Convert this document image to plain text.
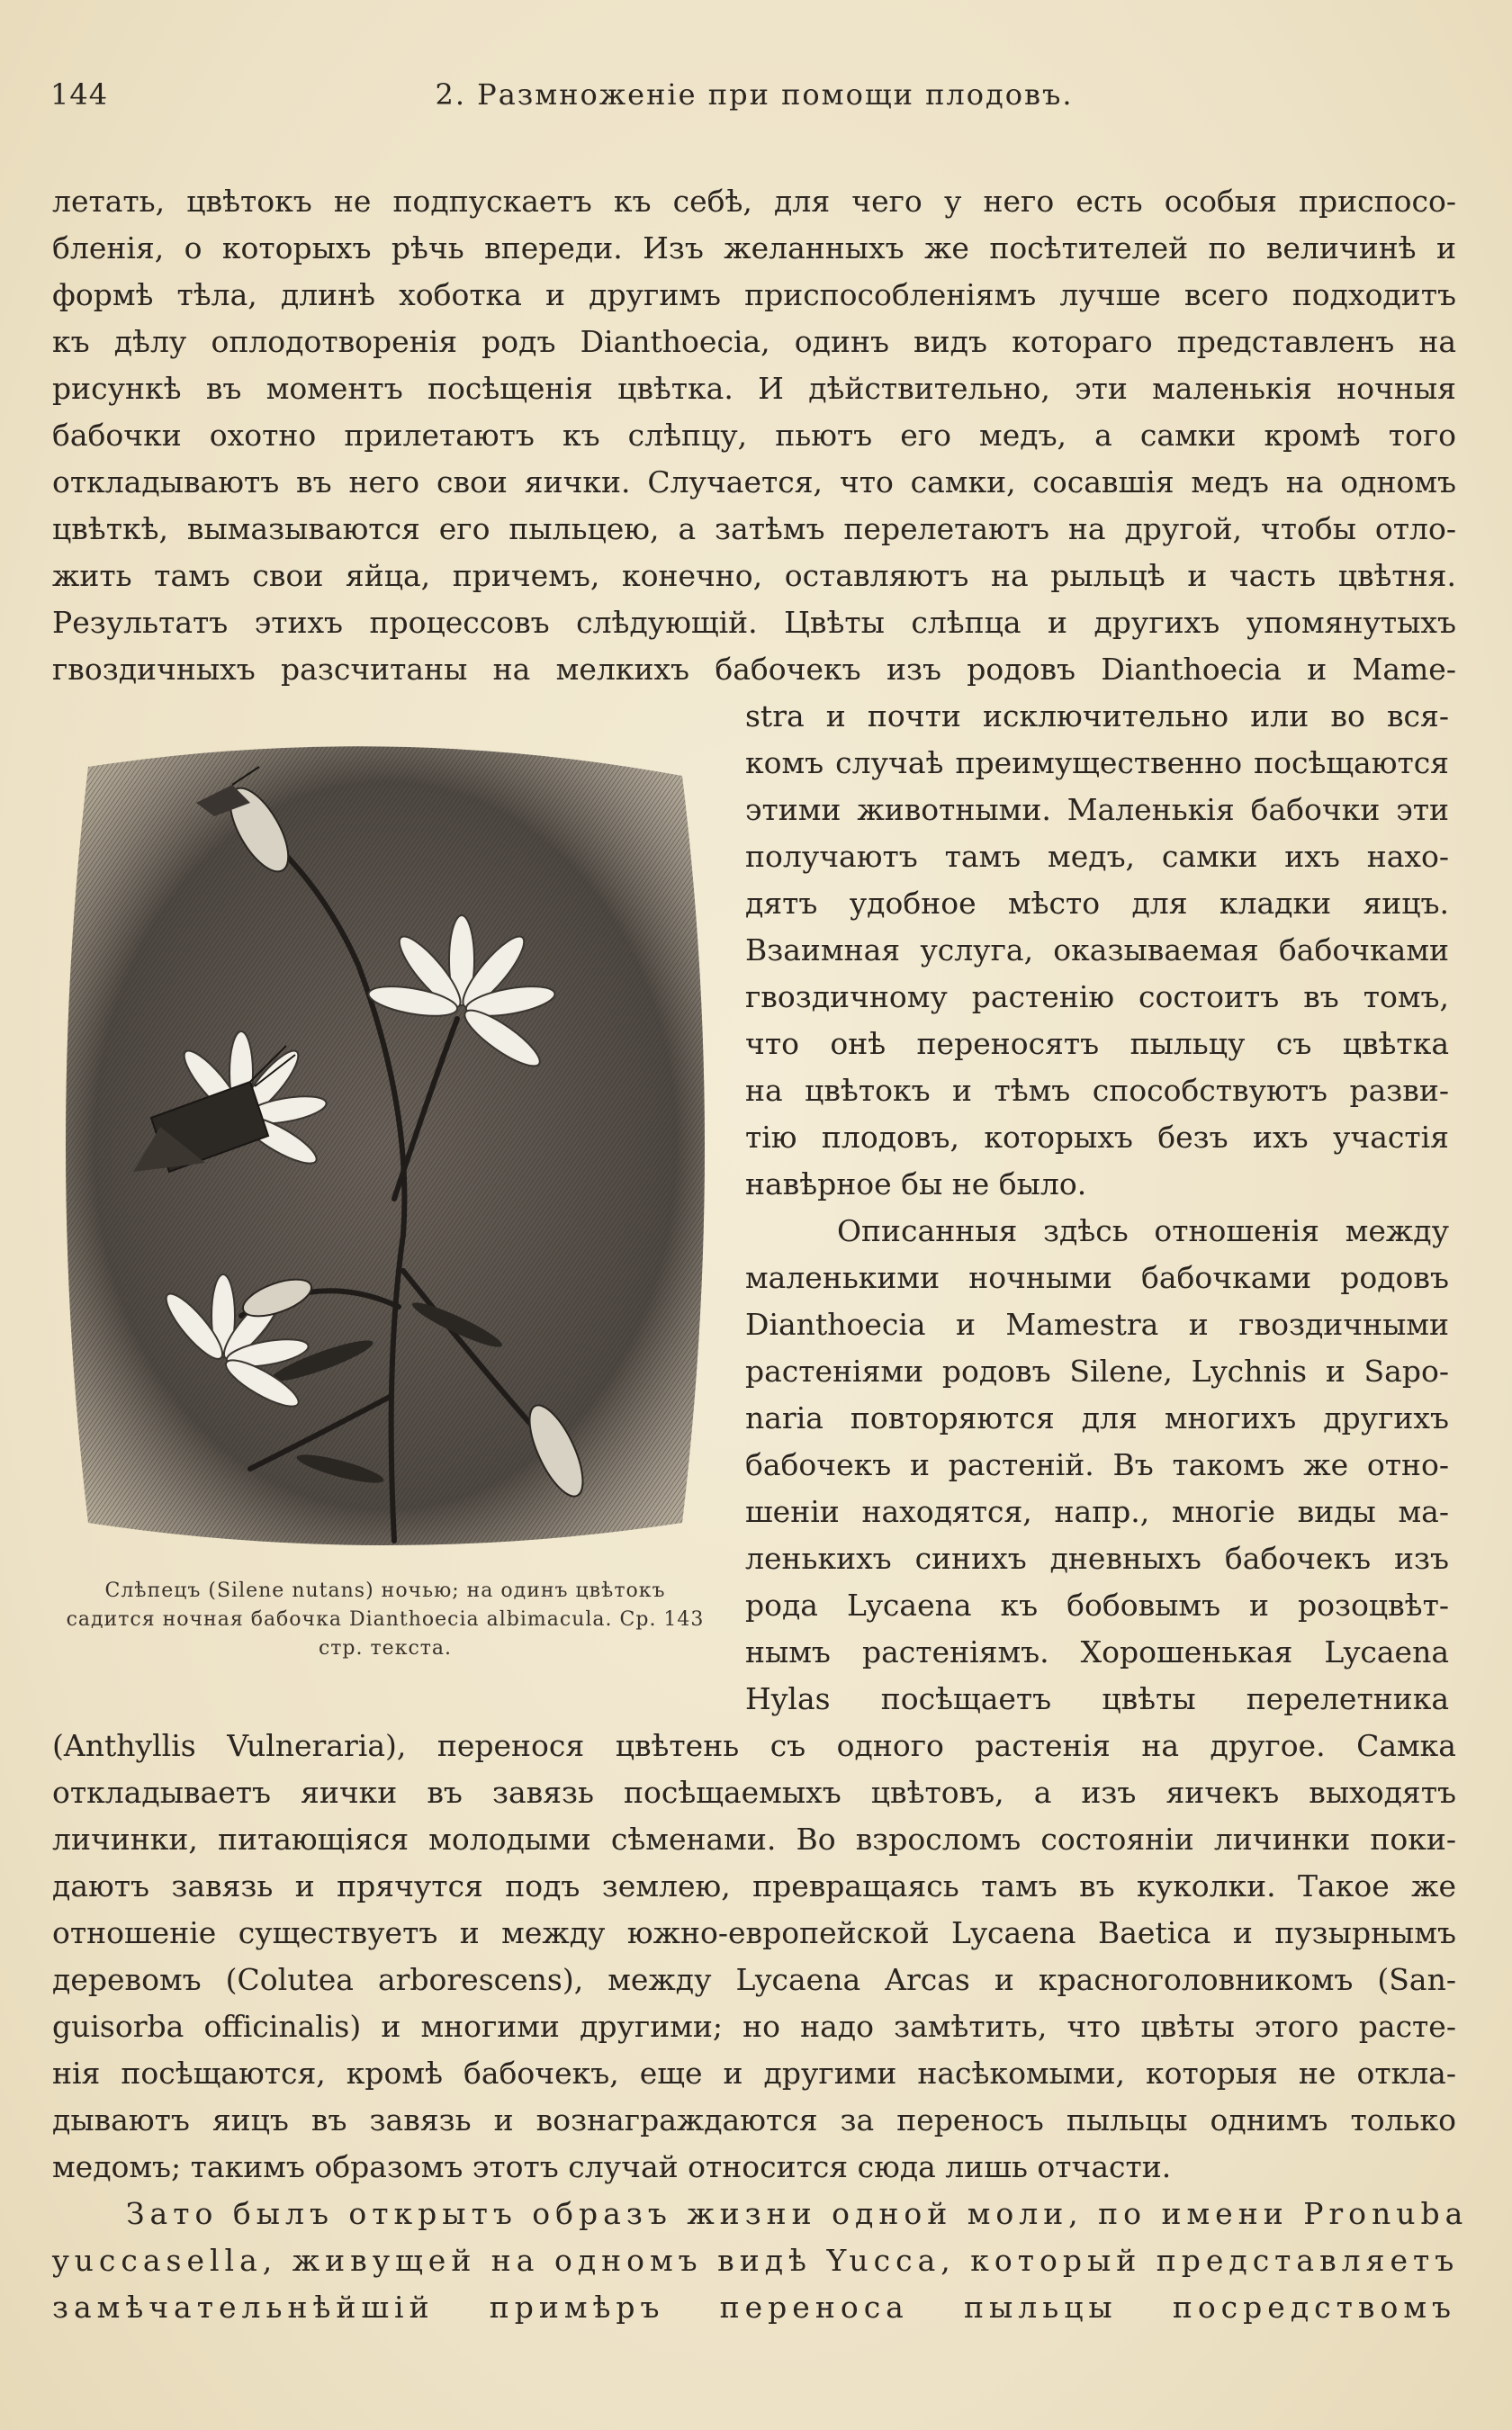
144	2. Размноженіе при помощи плодовъ.
летать, цвѣтокъ не подпускаетъ къ себѣ, для чего у него есть особыя приспосо-
бленія, о которыхъ рѣчь впереди. Изъ желанныхъ же посѣтителей по величинѣ и
формѣ тѣла, длинѣ хоботка и другимъ приспособленіямъ лучше всего подходитъ
къ дѣлу оплодотворенія родъ Dianthoecia, одинъ видъ котораго представленъ на
рисункѣ въ моментъ посѣщенія цвѣтка. И дѣйствительно, эти маленькія ночныя
бабочки охотно прилетаютъ къ слѣпцу, пьютъ его медъ, а самки кромѣ того
откладываютъ въ него свои яички. Случается, что самки, сосавшія медъ на одномъ
цвѣткѣ, вымазываются его пыльцею, а затѣмъ перелетаютъ на другой, чтобы отло-
жить тамъ свои яйца, причемъ, конечно, оставляютъ на рыльцѣ и часть цвѣтня.
Результатъ этихъ процессовъ слѣдующій. Цвѣты слѣпца и другихъ упомянутыхъ
гвоздичныхъ разсчитаны на мелкихъ бабочекъ изъ родовъ Dianthoecia и Mame-
Слѣпецъ (Silene nutans) ночью; на одинъ цвѣтокъ
садится ночная бабочка Dianthoecia albimacula. Ср. 143
стр. текста.
stra и почти исключительно или во вся-
комъ случаѣ преимущественно посѣщаются
этими животными. Маленькія бабочки эти
получаютъ тамъ медъ, самки ихъ нахо-
дятъ удобное мѣсто для кладки яицъ.
Взаимная услуга, оказываемая бабочками
гвоздичному растенію состоитъ въ томъ,
что онѣ переносятъ пыльцу съ цвѣтка
на цвѣтокъ и тѣмъ способствуютъ разви-
тію плодовъ, которыхъ безъ ихъ участія
навѣрное бы не было.
Описанныя здѣсь отношенія между
маленькими ночными бабочками родовъ
Dianthoecia и Mamestra и гвоздичными
растеніями родовъ Silene, Lychnis и Sapo-
naria повторяются для многихъ другихъ
бабочекъ и растеній. Въ такомъ же отно-
шеніи находятся, напр., многіе виды ма-
ленькихъ синихъ дневныхъ бабочекъ изъ
рода Lycaena къ бобовымъ и розоцвѣт-
нымъ растеніямъ. Хорошенькая Lycaena
Hylas посѣщаетъ цвѣты перелетника
(Anthyllis Vulneraria), перенося цвѣтень съ одного растенія на другое. Самка
откладываетъ яички въ завязь посѣщаемыхъ цвѣтовъ, а изъ яичекъ выходятъ
личинки, питающіяся молодыми сѣменами. Во взросломъ состояніи личинки поки-
даютъ завязь и прячутся подъ землею, превращаясь тамъ въ куколки. Такое же
отношеніе существуетъ и между южно-европейской Lycaena Baetica и пузырнымъ
деревомъ (Colutea arborescens), между Lycaena Arcas и красноголовникомъ (San-
guisorba officinalis) и многими другими; но надо замѣтить, что цвѣты этого расте-
нія посѣщаются, кромѣ бабочекъ, еще и другими насѣкомыми, которыя не откла-
дываютъ яицъ въ завязь и вознаграждаются за переносъ пыльцы однимъ только
медомъ; такимъ образомъ этотъ случай относится сюда лишь отчасти.
Зато былъ открытъ образъ жизни одной моли, по имени Pronuba
yuccasella, живущей на одномъ видѣ Yucca, который представляетъ
замѣчательнѣйшій примѣръ переноса пыльцы посредствомъ
